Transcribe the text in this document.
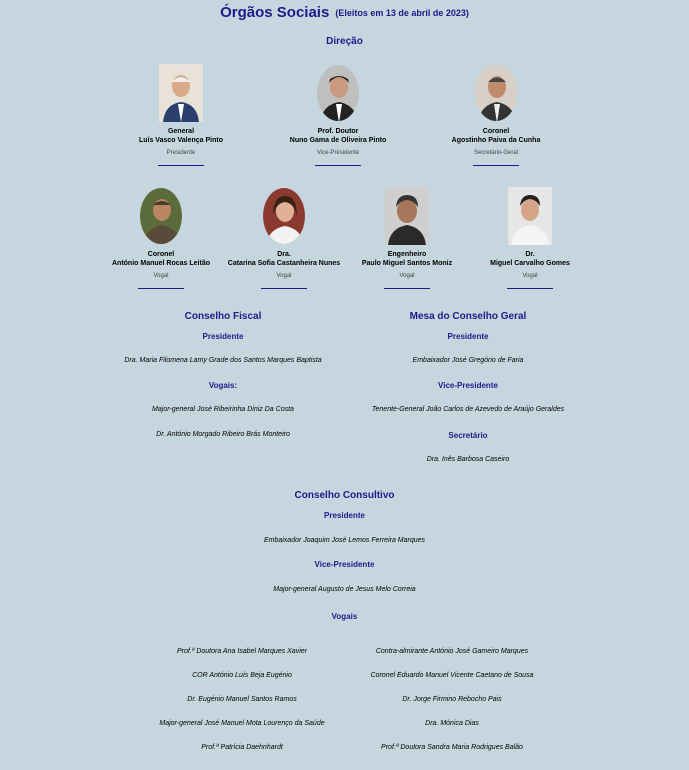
Órgãos Sociais (Eleitos em 13 de abril de 2023)
Direção
General
Luís Vasco Valença Pinto
Presidente
Prof. Doutor
Nuno Gama de Oliveira Pinto
Vice-Presidente
Coronel
Agostinho Paiva da Cunha
Secretário-Geral
Coronel
António Manuel Rocas Leitão
Vogal
Dra.
Catarina Sofia Castanheira Nunes
Vogal
Engenheiro
Paulo Miguel Santos Moniz
Vogal
Dr.
Miguel Carvalho Gomes
Vogal
Conselho Fiscal
Presidente
Dra. Maria Filomena Lamy Grade dos Santos Marques Baptista
Vogais:
Major-general José Ribeirinha Diniz Da Costa
Dr. António Morgado Ribeiro Brás Monteiro
Mesa do Conselho Geral
Presidente
Embaixador José Gregório de Faria
Vice-Presidente
Tenente-General João Carlos de Azevedo de Araújo Geraldes
Secretário
Dra. Inês Barbosa Caseiro
Conselho Consultivo
Presidente
Embaixador Joaquim José Lemos Ferreira Marques
Vice-Presidente
Major-general Augusto de Jesus Melo Correia
Vogais
Prof.ª Doutora Ana Isabel Marques Xavier
COR António Luís Beja Eugénio
Dr. Eugénio Manuel Santos Ramos
Major-general José Manuel Mota Lourenço da Saúde
Prof.ª Patrícia Daehnhardt
Contra-almirante António José Gameiro Marques
Coronel Eduardo Manuel Vicente Caetano de Sousa
Dr. Jorge Firmino Rebocho Pais
Dra. Mónica Dias
Prof.ª Doutora Sandra Maria Rodrigues Balão
